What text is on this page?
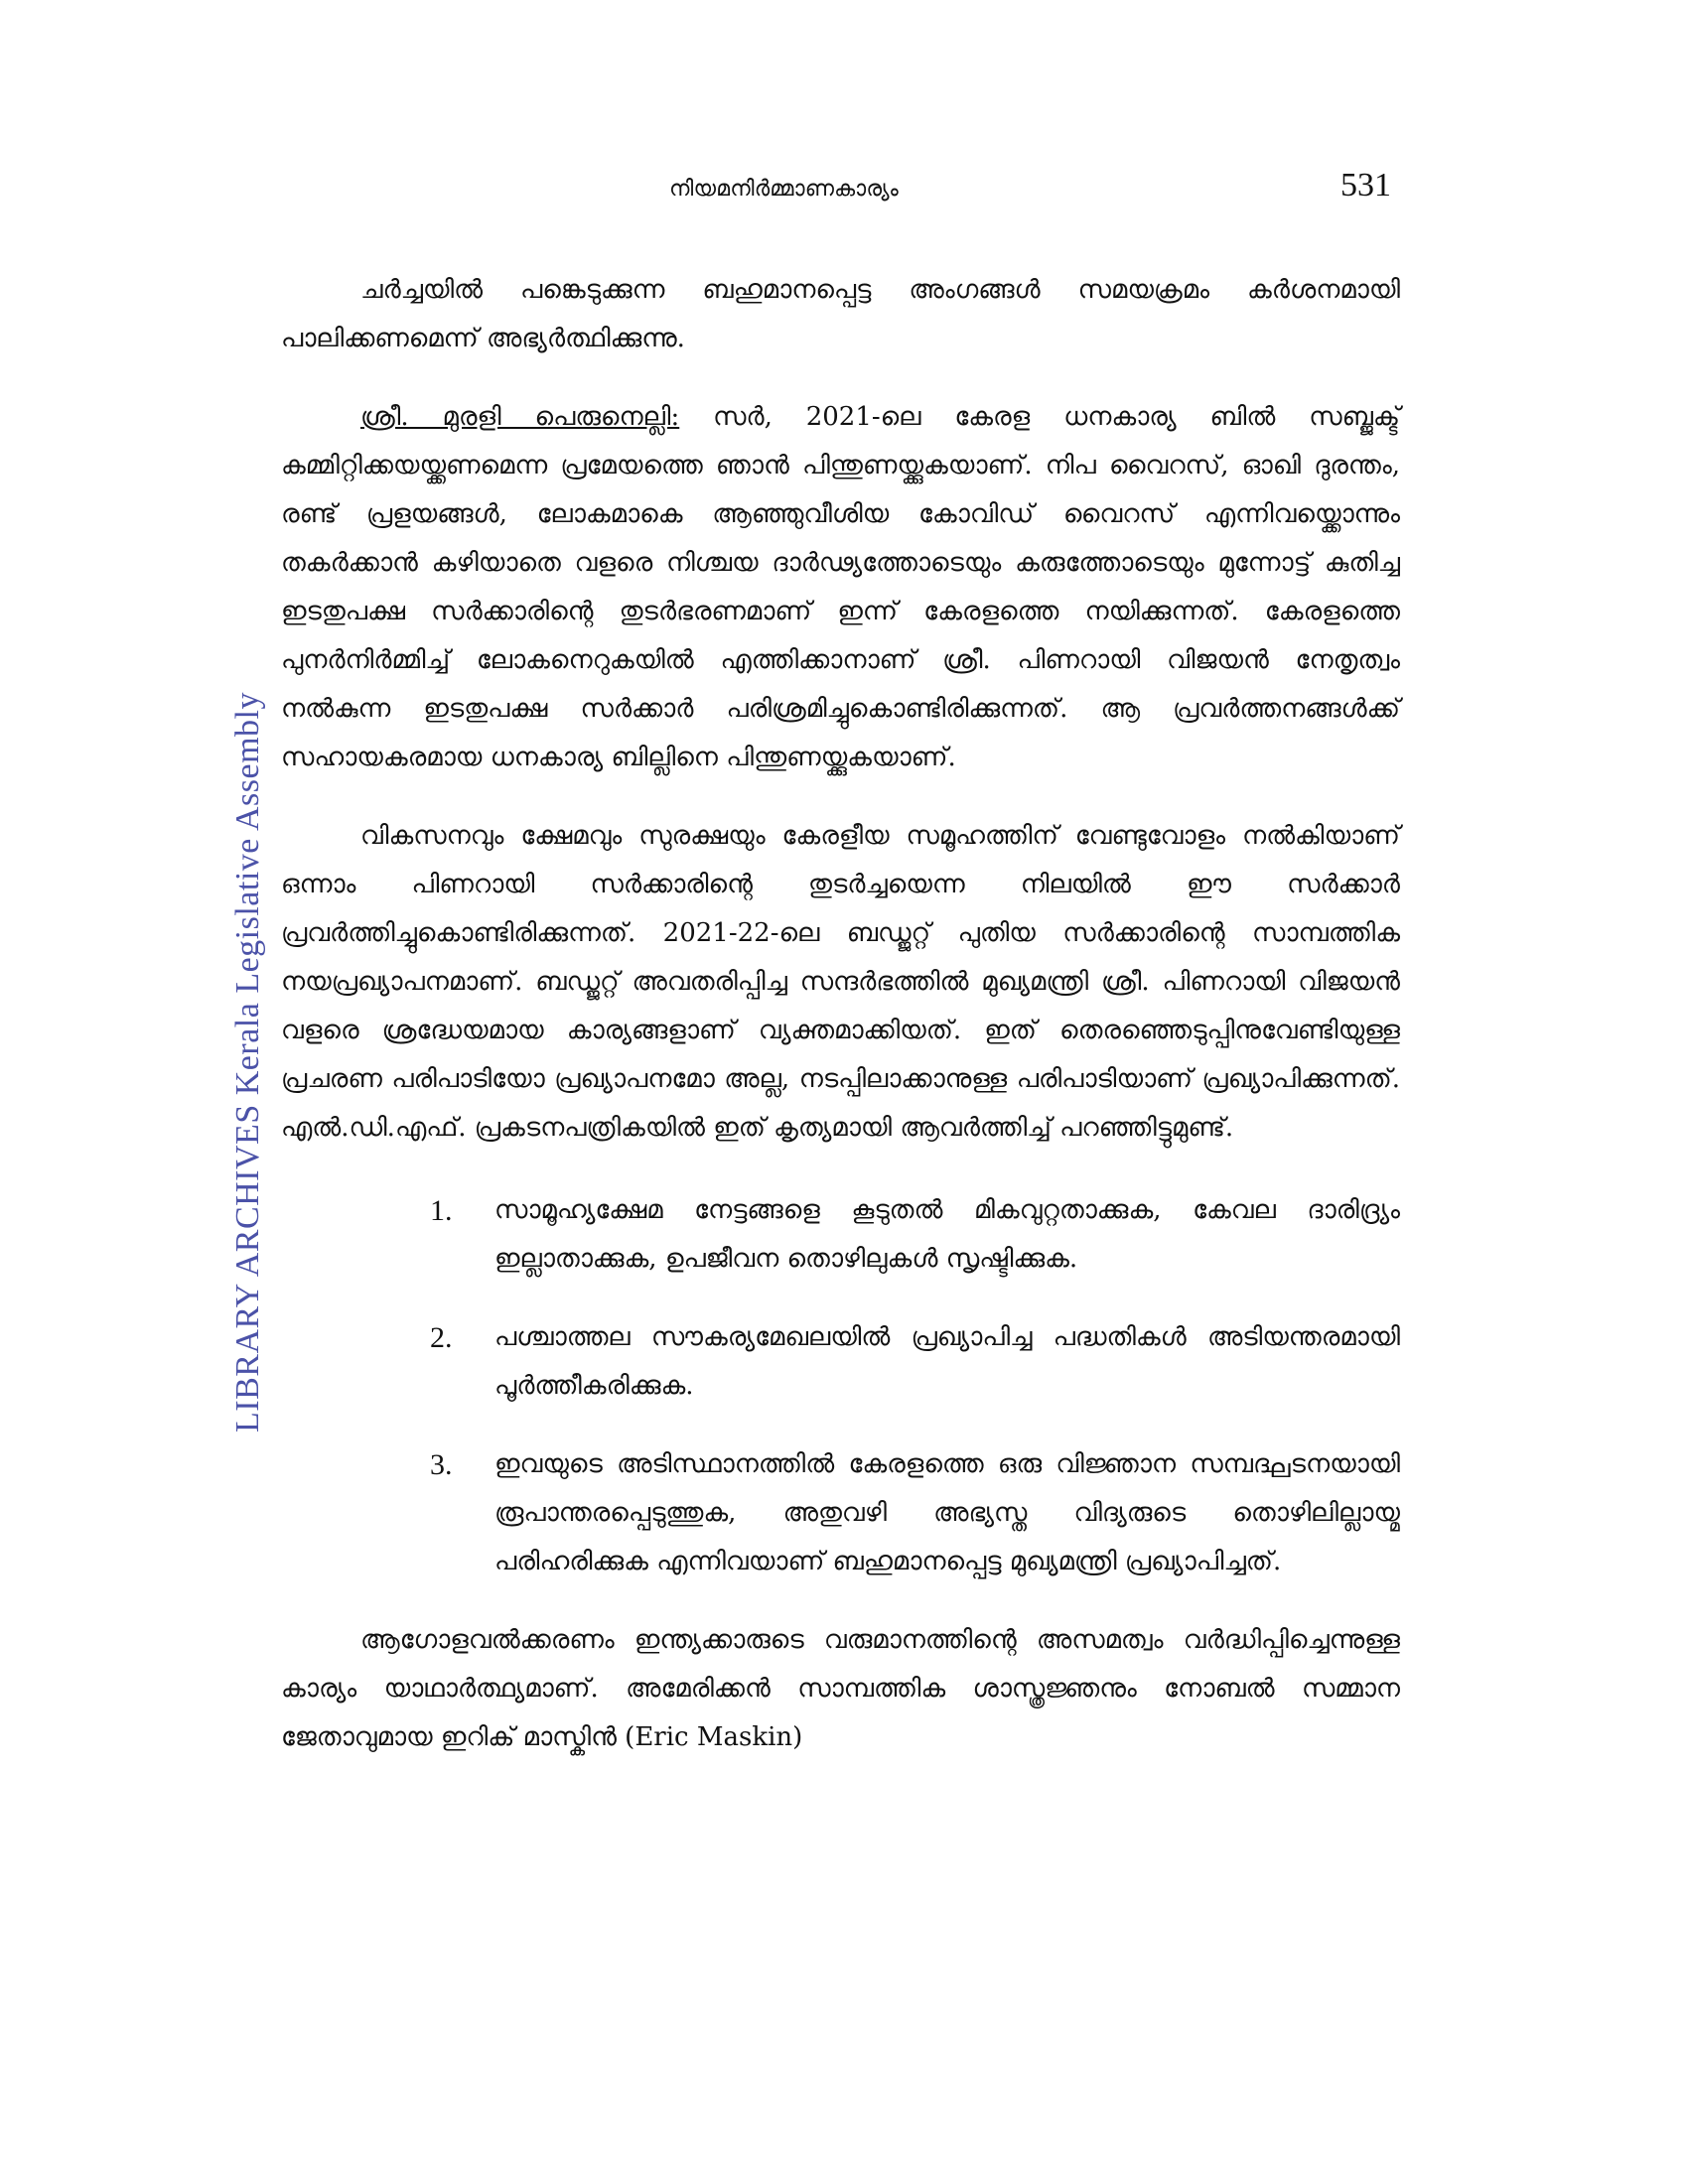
LIBRARY ARCHIVES Kerala Legislative Assembly
നിയമനിർമ്മാണകാര്യം	531

ചർച്ചയിൽ പങ്കെടുക്കുന്ന ബഹുമാനപ്പെട്ട അംഗങ്ങൾ സമയക്രമം കർശനമായി പാലിക്കണമെന്ന് അഭ്യർത്ഥിക്കുന്നു.

ശ്രീ. മുരളി പെരുനെല്ലി: സർ, 2021-ലെ കേരള ധനകാര്യ ബിൽ സബ്ജക്ട് കമ്മിറ്റിക്കയയ്ക്കണമെന്ന പ്രമേയത്തെ ഞാൻ പിന്തുണയ്ക്കുകയാണ്. നിപ വൈറസ്, ഓഖി ദുരന്തം, രണ്ട് പ്രളയങ്ങൾ, ലോകമാകെ ആഞ്ഞുവീശിയ കോവിഡ് വൈറസ് എന്നിവയ്ക്കൊന്നും തകർക്കാൻ കഴിയാതെ വളരെ നിശ്ചയ ദാർഢ്യത്തോടെയും കരുത്തോടെയും മുന്നോട്ട് കുതിച്ച ഇടതുപക്ഷ സർക്കാരിന്റെ തുടർഭരണമാണ് ഇന്ന് കേരളത്തെ നയിക്കുന്നത്. കേരളത്തെ പുനർനിർമ്മിച്ച് ലോകനെറുകയിൽ എത്തിക്കാനാണ് ശ്രീ. പിണറായി വിജയൻ നേതൃത്വം നൽകുന്ന ഇടതുപക്ഷ സർക്കാർ പരിശ്രമിച്ചുകൊണ്ടിരിക്കുന്നത്. ആ പ്രവർത്തനങ്ങൾക്ക് സഹായകരമായ ധനകാര്യ ബില്ലിനെ പിന്തുണയ്ക്കുകയാണ്.

വികസനവും ക്ഷേമവും സുരക്ഷയും കേരളീയ സമൂഹത്തിന് വേണ്ടുവോളം നൽകിയാണ് ഒന്നാം പിണറായി സർക്കാരിന്റെ തുടർച്ചയെന്ന നിലയിൽ ഈ സർക്കാർ പ്രവർത്തിച്ചുകൊണ്ടിരിക്കുന്നത്. 2021-22-ലെ ബഡ്ജറ്റ് പുതിയ സർക്കാരിന്റെ സാമ്പത്തിക നയപ്രഖ്യാപനമാണ്. ബഡ്ജറ്റ് അവതരിപ്പിച്ച സന്ദർഭത്തിൽ മുഖ്യമന്ത്രി ശ്രീ. പിണറായി വിജയൻ വളരെ ശ്രദ്ധേയമായ കാര്യങ്ങളാണ് വ്യക്തമാക്കിയത്. ഇത് തെരഞ്ഞെടുപ്പിനുവേണ്ടിയുള്ള പ്രചരണ പരിപാടിയോ പ്രഖ്യാപനമോ അല്ല, നടപ്പിലാക്കാനുള്ള പരിപാടിയാണ് പ്രഖ്യാപിക്കുന്നത്. എൽ.ഡി.എഫ്. പ്രകടനപത്രികയിൽ ഇത് കൃത്യമായി ആവർത്തിച്ച് പറഞ്ഞിട്ടുമുണ്ട്.

1. സാമൂഹ്യക്ഷേമ നേട്ടങ്ങളെ കൂടുതൽ മികവുറ്റതാക്കുക, കേവല ദാരിദ്ര്യം ഇല്ലാതാക്കുക, ഉപജീവന തൊഴിലുകൾ സൃഷ്ടിക്കുക.
2. പശ്ചാത്തല സൗകര്യമേഖലയിൽ പ്രഖ്യാപിച്ച പദ്ധതികൾ അടിയന്തരമായി പൂർത്തീകരിക്കുക.
3. ഇവയുടെ അടിസ്ഥാനത്തിൽ കേരളത്തെ ഒരു വിജ്ഞാന സമ്പദ്ഘടനയായി രൂപാന്തരപ്പെടുത്തുക, അതുവഴി അഭ്യസ്ത വിദ്യരുടെ തൊഴിലില്ലായ്മ പരിഹരിക്കുക എന്നിവയാണ് ബഹുമാനപ്പെട്ട മുഖ്യമന്ത്രി പ്രഖ്യാപിച്ചത്.

ആഗോളവൽക്കരണം ഇന്ത്യക്കാരുടെ വരുമാനത്തിന്റെ അസമത്വം വർദ്ധിപ്പിച്ചെന്നുള്ള കാര്യം യാഥാർത്ഥ്യമാണ്. അമേരിക്കൻ സാമ്പത്തിക ശാസ്ത്രജ്ഞനും നോബൽ സമ്മാന ജേതാവുമായ ഇറിക് മാസ്കിൻ (Eric Maskin)
